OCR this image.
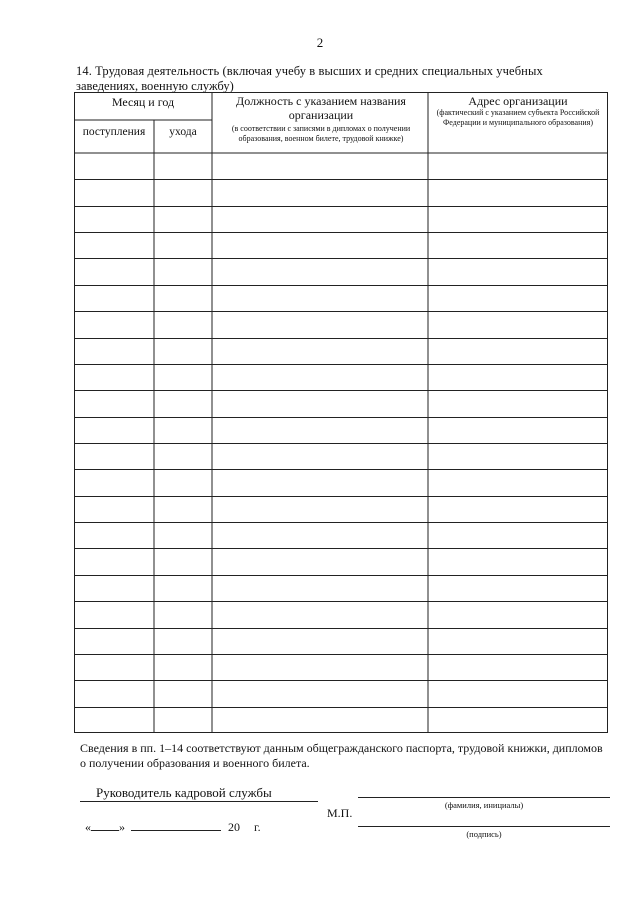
2
14. Трудовая деятельность (включая учебу в высших и средних специальных учебных
заведениях, военную службу)
Месяц и год
поступления	ухода
Должность с указанием названия организации
(в соответствии с записями в дипломах о получении образования, военном билете, трудовой книжке)
Адрес организации
(фактический с указанием субъекта Российской Федерации и муниципального образования)
Сведения в пп. 1–14 соответствуют данным общегражданского паспорта, трудовой книжки, дипломов о получении образования и военного билета.
Руководитель кадровой службы
М.П.
(фамилия, инициалы)
(подпись)
« »	20 г.
